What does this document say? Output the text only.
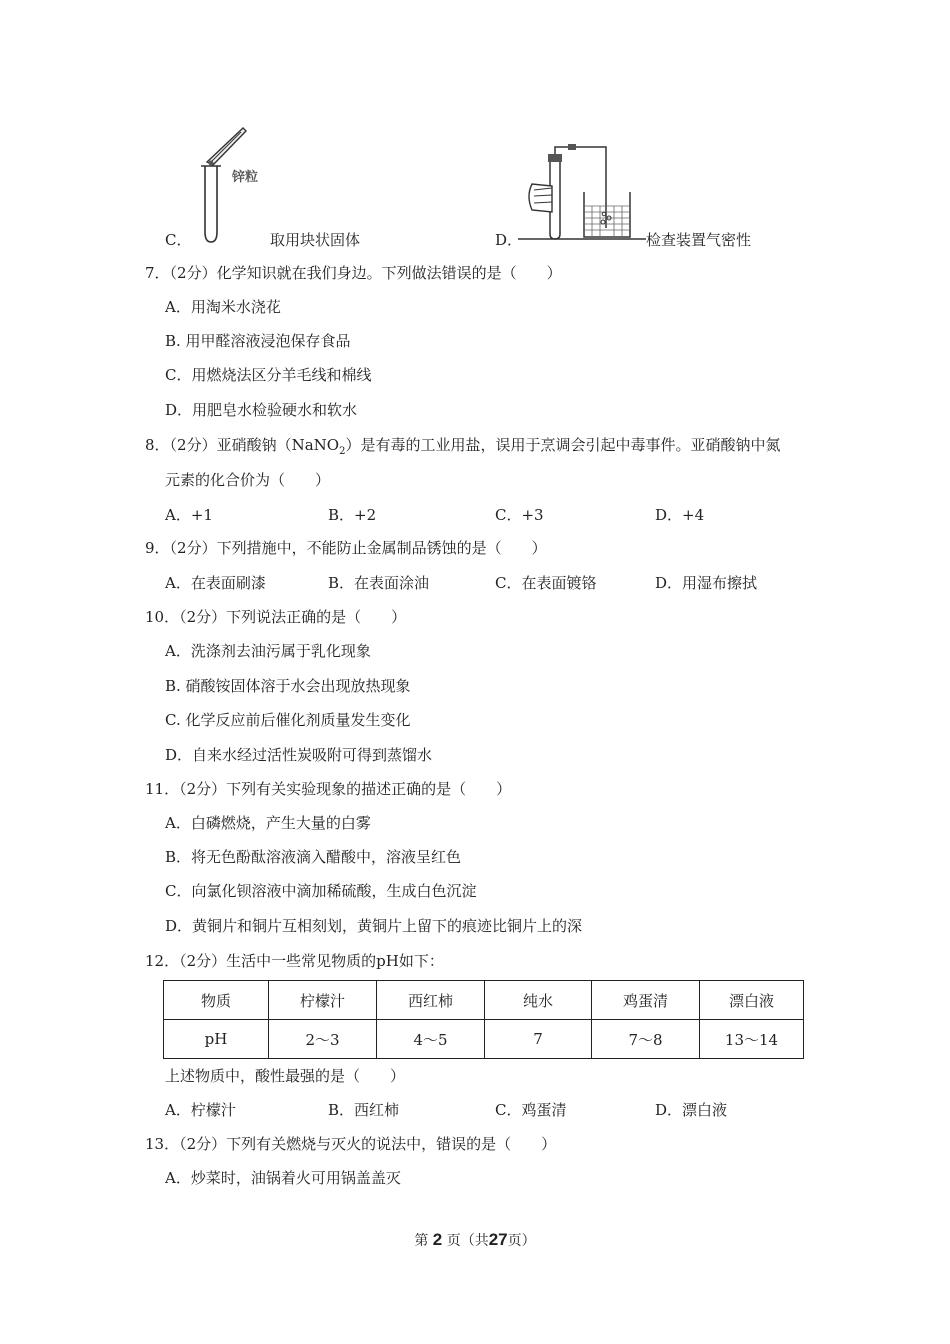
锌粒
C．	取用块状固体	D．	检查装置气密性
7．（2分）化学知识就在我们身边。下列做法错误的是（　　）
A．用淘米水浇花
B. 用甲醛溶液浸泡保存食品
C．用燃烧法区分羊毛线和棉线
D．用肥皂水检验硬水和软水
8．（2分）亚硝酸钠（NaNO$_2$）是有毒的工业用盐，误用于烹调会引起中毒事件。亚硝酸钠中氮
元素的化合价为（　　）
A．+1	B．+2	C．+3	D．+4
9．（2分）下列措施中，不能防止金属制品锈蚀的是（　　）
A．在表面刷漆	B．在表面涂油	C．在表面镀铬	D．用湿布擦拭
10．（2分）下列说法正确的是（　　）
A．洗涤剂去油污属于乳化现象
B. 硝酸铵固体溶于水会出现放热现象
C. 化学反应前后催化剂质量发生变化
D．自来水经过活性炭吸附可得到蒸馏水
11．（2分）下列有关实验现象的描述正确的是（　　）
A．白磷燃烧，产生大量的白雾
B．将无色酚酞溶液滴入醋酸中，溶液呈红色
C．向氯化钡溶液中滴加稀硫酸，生成白色沉淀
D．黄铜片和铜片互相刻划，黄铜片上留下的痕迹比铜片上的深
12．（2分）生活中一些常见物质的pH如下：
物质	柠檬汁	西红柿	纯水	鸡蛋清	漂白液
pH	2～3	4～5	7	7～8	13～14
上述物质中，酸性最强的是（　　）
A．柠檬汁	B．西红柿	C．鸡蛋清	D．漂白液
13．（2分）下列有关燃烧与灭火的说法中，错误的是（　　）
A．炒菜时，油锅着火可用锅盖盖灭
第 2 页（共27页）
